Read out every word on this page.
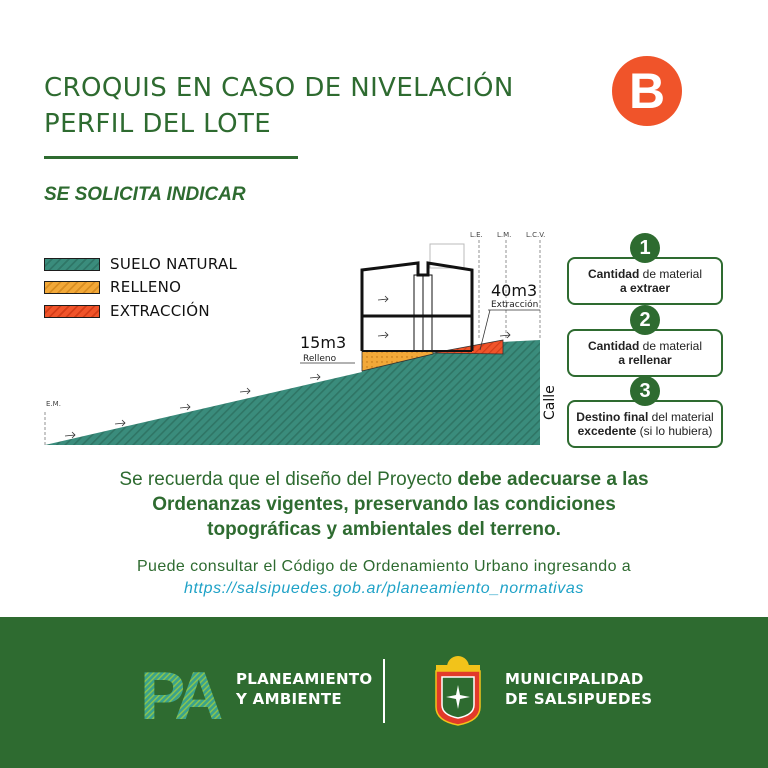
CROQUIS EN CASO DE NIVELACIÓN
PERFIL DEL LOTE
B
SE SOLICITA INDICAR
SUELO NATURAL
RELLENO
EXTRACCIÓN
L.E. L.M. L.C.V.
E.M.
40m3
Extracción
15m3
Relleno
Calle
Cantidad de material
a extraer
Cantidad de material
a rellenar
Destino final del material
excedente (si lo hubiera)
1
2
3
Se recuerda que el diseño del Proyecto debe adecuarse a las
Ordenanzas vigentes, preservando las condiciones
topográficas y ambientales del terreno.
Puede consultar el Código de Ordenamiento Urbano ingresando a
https://salsipuedes.gob.ar/planeamiento_normativas
PA	PLANEAMIENTO
Y AMBIENTE
MUNICIPALIDAD
DE SALSIPUEDES
